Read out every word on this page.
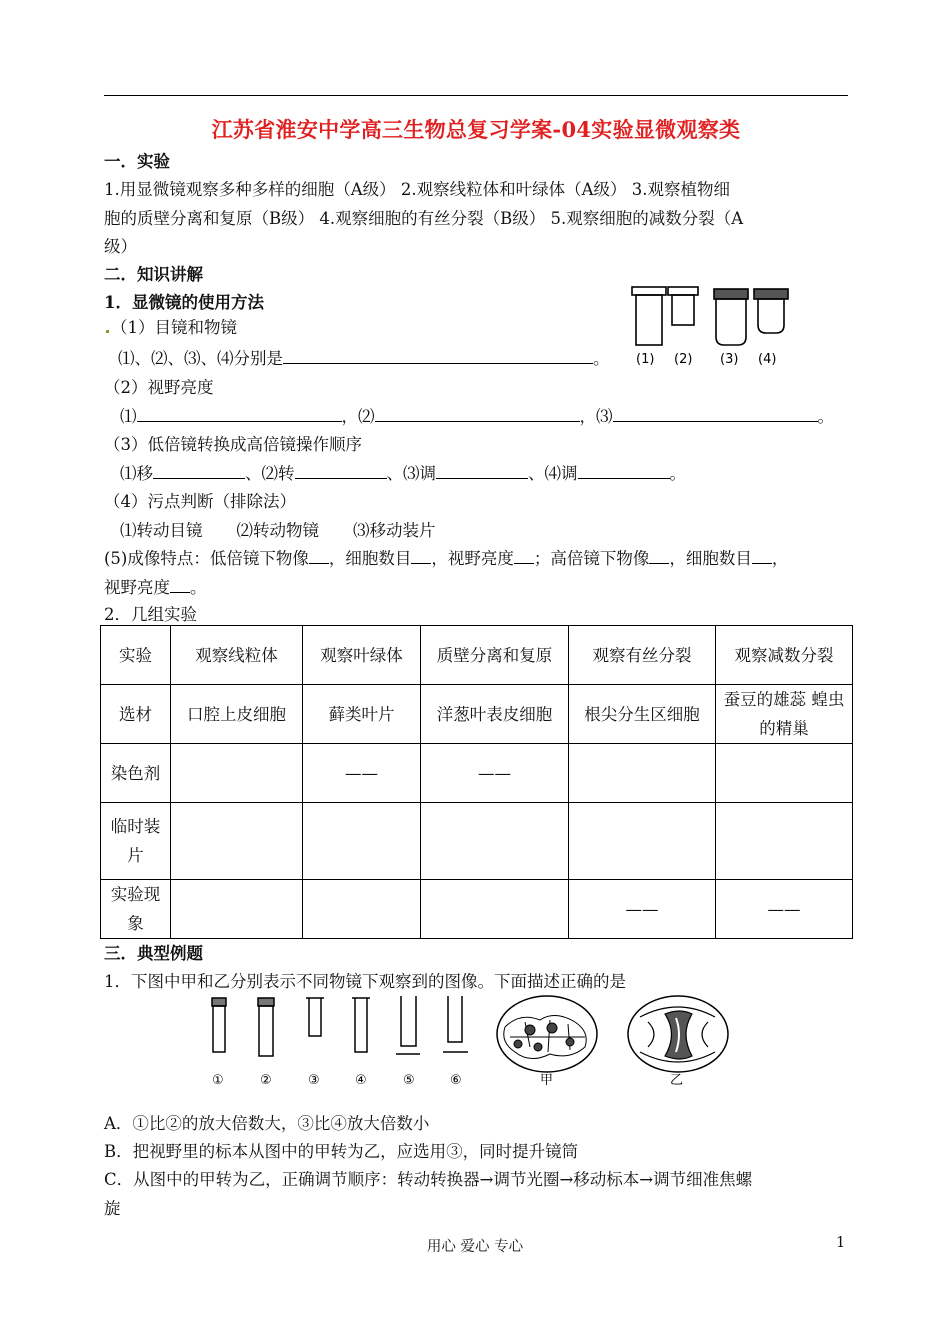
江苏省淮安中学高三生物总复习学案-04实验显微观察类
一．实验
1.用显微镜观察多种多样的细胞（A级） 2.观察线粒体和叶绿体（A级） 3.观察植物细
胞的质壁分离和复原（B级） 4.观察细胞的有丝分裂（B级） 5.观察细胞的减数分裂（A
级）
二．知识讲解
1．显微镜的使用方法
（1）目镜和物镜
⑴、⑵、⑶、⑷分别是	。 (1) (2) (3) (4)
（2）视野亮度
⑴	，⑵	，⑶	。
（3）低倍镜转换成高倍镜操作顺序
⑴移	、⑵转	、⑶调	、⑷调	。
（4）污点判断（排除法）
⑴转动目镜 ⑵转动物镜 ⑶移动装片
(5)成像特点：低倍镜下物像 ，细胞数目 ，视野亮度 ；高倍镜下物像 ，细胞数目 ，
视野亮度 。
2．几组实验
实验	观察线粒体	观察叶绿体	质壁分离和复原	观察有丝分裂	观察减数分裂
选材	口腔上皮细胞	藓类叶片	洋葱叶表皮细胞	根尖分生区细胞	蚕豆的雄蕊 蝗虫的精巢
染色剂		——	——		
临时装片					
实验现象				——	——
三．典型例题
1．下图中甲和乙分别表示不同物镜下观察到的图像。下面描述正确的是
①	②	③	④	⑤	⑥	甲	乙
A．①比②的放大倍数大，③比④放大倍数小
B．把视野里的标本从图中的甲转为乙，应选用③，同时提升镜筒
C．从图中的甲转为乙，正确调节顺序：转动转换器→调节光圈→移动标本→调节细准焦螺
旋
用心 爱心 专心	1
